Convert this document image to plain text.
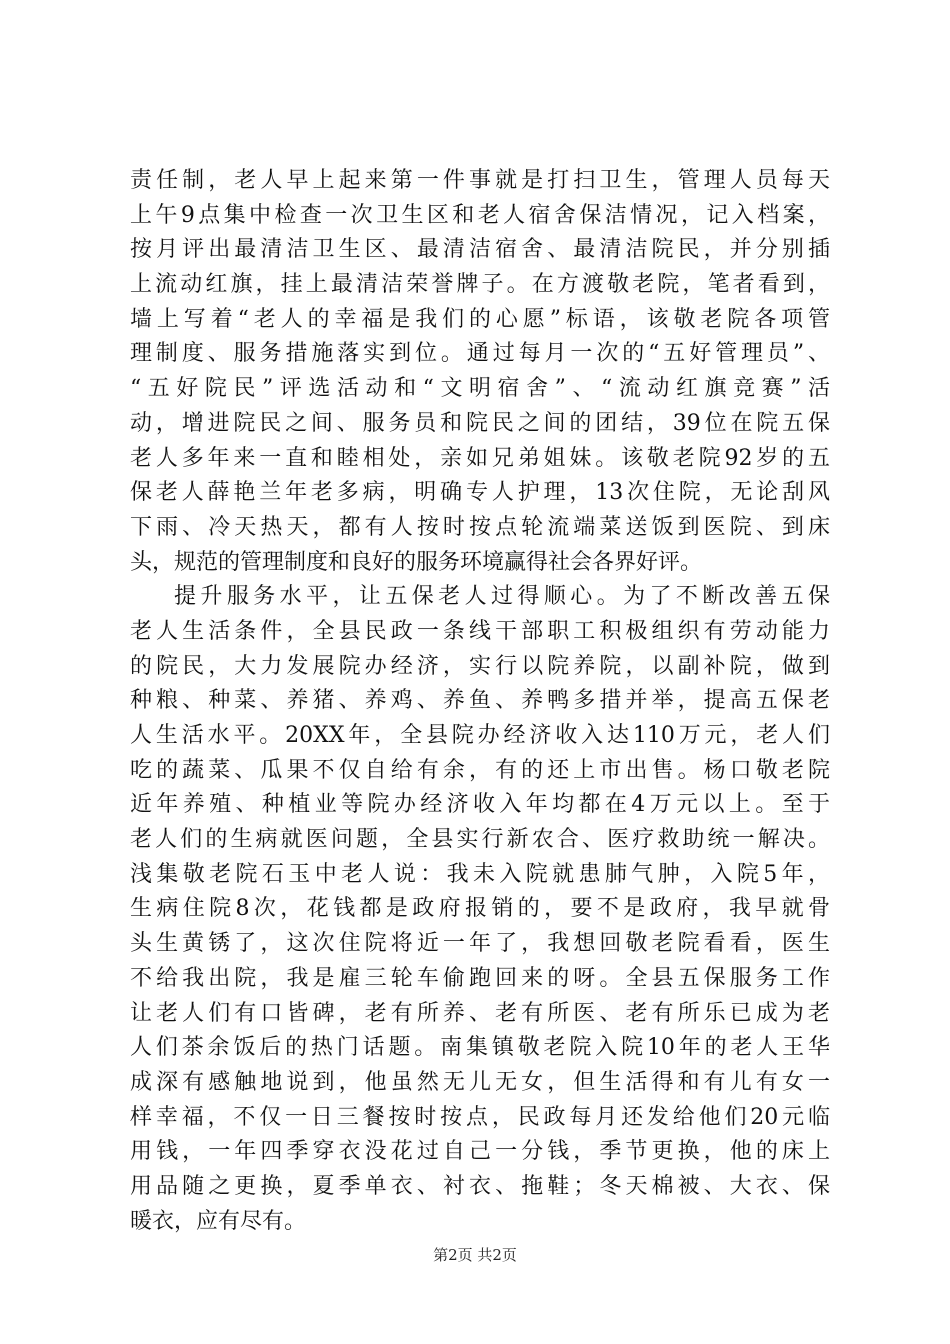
责任制，老人早上起来第一件事就是打扫卫生，管理人员每天
上午9点集中检查一次卫生区和老人宿舍保洁情况，记入档案，
按月评出最清洁卫生区、最清洁宿舍、最清洁院民，并分别插
上流动红旗，挂上最清洁荣誉牌子。在方渡敬老院，笔者看到，
墙上写着“老人的幸福是我们的心愿”标语，该敬老院各项管
理制度、服务措施落实到位。通过每月一次的“五好管理员”、
“五好院民”评选活动和“文明宿舍”、“流动红旗竞赛”活
动，增进院民之间、服务员和院民之间的团结，39位在院五保
老人多年来一直和睦相处，亲如兄弟姐妹。该敬老院92岁的五
保老人薛艳兰年老多病，明确专人护理，13次住院，无论刮风
下雨、冷天热天，都有人按时按点轮流端菜送饭到医院、到床
头，规范的管理制度和良好的服务环境赢得社会各界好评。
提升服务水平，让五保老人过得顺心。为了不断改善五保
老人生活条件，全县民政一条线干部职工积极组织有劳动能力
的院民，大力发展院办经济，实行以院养院，以副补院，做到
种粮、种菜、养猪、养鸡、养鱼、养鸭多措并举，提高五保老
人生活水平。20XX年，全县院办经济收入达110万元，老人们
吃的蔬菜、瓜果不仅自给有余，有的还上市出售。杨口敬老院
近年养殖、种植业等院办经济收入年均都在4万元以上。至于
老人们的生病就医问题，全县实行新农合、医疗救助统一解决。
浅集敬老院石玉中老人说：我未入院就患肺气肿，入院5年，
生病住院8次，花钱都是政府报销的，要不是政府，我早就骨
头生黄锈了，这次住院将近一年了，我想回敬老院看看，医生
不给我出院，我是雇三轮车偷跑回来的呀。全县五保服务工作
让老人们有口皆碑，老有所养、老有所医、老有所乐已成为老
人们茶余饭后的热门话题。南集镇敬老院入院10年的老人王华
成深有感触地说到，他虽然无儿无女，但生活得和有儿有女一
样幸福，不仅一日三餐按时按点，民政每月还发给他们20元临
用钱，一年四季穿衣没花过自己一分钱，季节更换，他的床上
用品随之更换，夏季单衣、衬衣、拖鞋；冬天棉被、大衣、保
暖衣，应有尽有。
第2页 共2页
